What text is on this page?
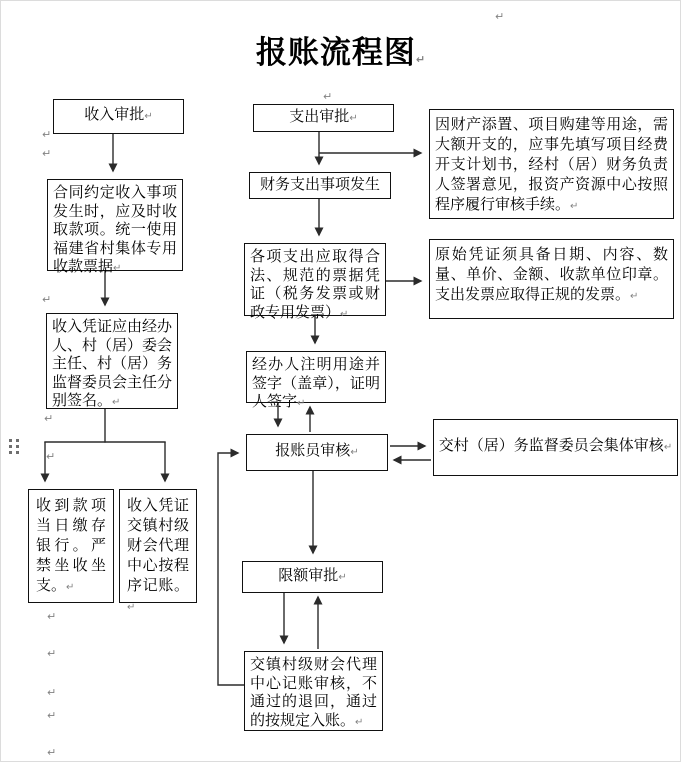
报账流程图↵
收入审批↵
合同约定收入事项发生时，应及时收取款项。统一使用福建省村集体专用收款票据↵
收入凭证应由经办人、村（居）委会主任、村（居）务监督委员会主任分别签名。↵
收到款项当日缴存银行。严禁坐收坐支。↵
收入凭证交镇村级财会代理中心按程序记账。↵
支出审批↵
财务支出事项发生
各项支出应取得合法、规范的票据凭证（税务发票或财政专用发票）↵
经办人注明用途并签字（盖章），证明人签字↵
报账员审核↵
限额审批↵
交镇村级财会代理中心记账审核，不通过的退回，通过的按规定入账。↵
因财产添置、项目购建等用途，需大额开支的，应事先填写项目经费开支计划书，经村（居）财务负责人签署意见，报资产资源中心按照程序履行审核手续。↵
原始凭证须具备日期、内容、数量、单价、金额、收款单位印章。支出发票应取得正规的发票。↵
交村（居）务监督委员会集体审核↵
↵
↵
↵
↵
↵
↵
↵
↵
↵
↵
↵
↵
